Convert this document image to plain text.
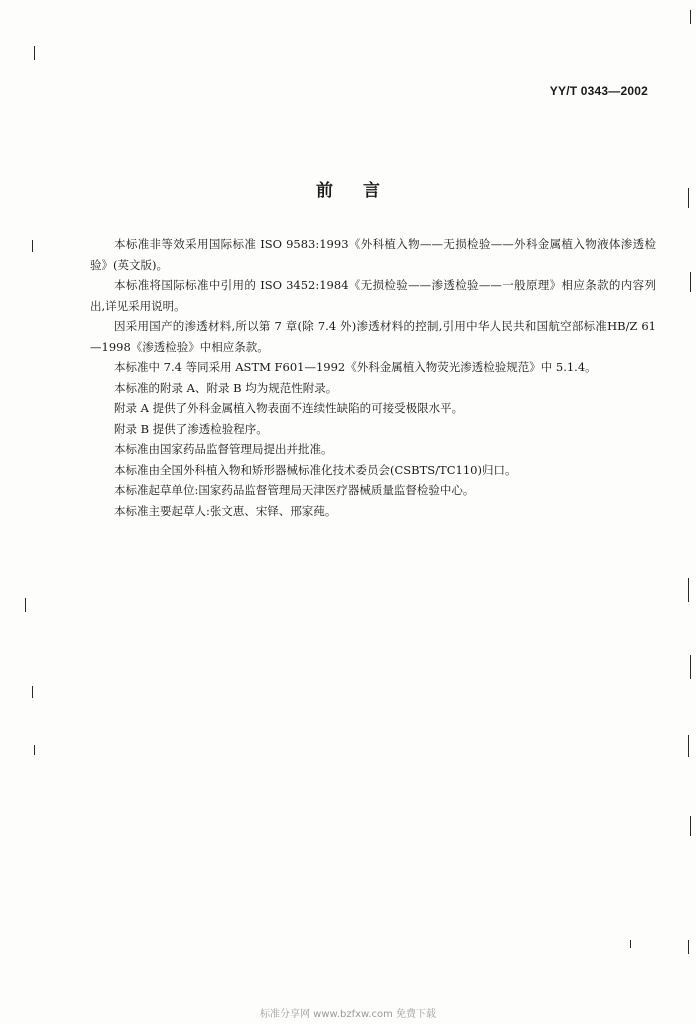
YY/T 0343—2002
前言

本标准非等效采用国际标准 ISO 9583:1993《外科植入物——无损检验——外科金属植入物液体渗透检验》(英文版)。

本标准将国际标准中引用的 ISO 3452:1984《无损检验——渗透检验——一般原理》相应条款的内容列出,详见采用说明。

因采用国产的渗透材料,所以第 7 章(除 7.4 外)渗透材料的控制,引用中华人民共和国航空部标准HB/Z 61—1998《渗透检验》中相应条款。

本标准中 7.4 等同采用 ASTM F601—1992《外科金属植入物荧光渗透检验规范》中 5.1.4。

本标准的附录 A、附录 B 均为规范性附录。

附录 A 提供了外科金属植入物表面不连续性缺陷的可接受极限水平。

附录 B 提供了渗透检验程序。

本标准由国家药品监督管理局提出并批准。

本标准由全国外科植入物和矫形器械标准化技术委员会(CSBTS/TC110)归口。

本标准起草单位:国家药品监督管理局天津医疗器械质量监督检验中心。

本标准主要起草人:张文恵、宋铎、邢家莼。

标准分享网 www.bzfxw.com 免费下载
